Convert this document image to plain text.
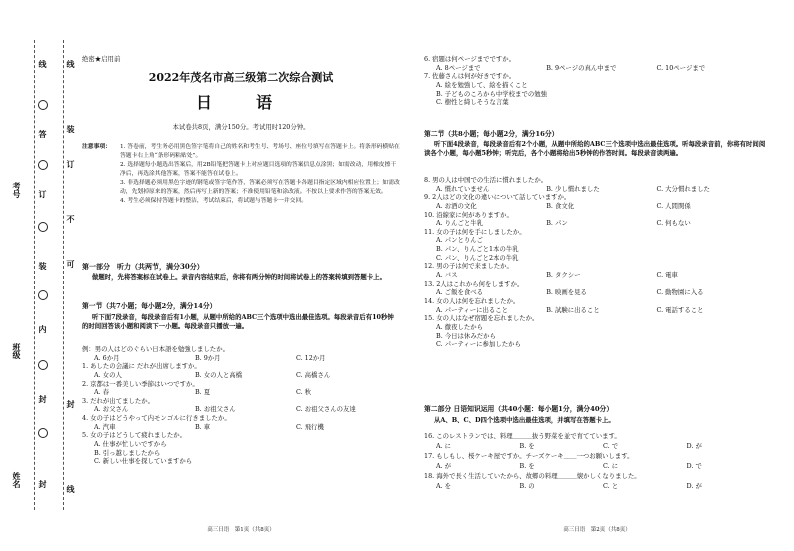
姓名
考号
班级
线
答
订
装
内
封
封
线
装
订
不
可
封
线
绝密★启用前
2022年茂名市高三级第二次综合测试
日　语
本试卷共8页，满分150分。考试用时120分钟。
注意事项：	1. 答卷前，考生务必用黑色签字笔将自己的姓名和考生号、考场号、座位号填写在答题卡上。将条形码横贴在答题卡右上角“条形码粘贴处”。
2. 选择题每小题选出答案后，用2B铅笔把答题卡上对应题目选项的答案信息点涂黑；如需改动，用橡皮擦干净后，再选涂其他答案，答案不能答在试卷上。
3. 非选择题必须用黑色字迹的钢笔或签字笔作答，答案必须写在答题卡各题目指定区域内相应位置上；如需改动，先划掉原来的答案，然后再写上新的答案；不准使用铅笔和涂改液。不按以上要求作答的答案无效。
4. 考生必须保持答题卡的整洁，考试结束后，将试题与答题卡一并交回。
第一部分　听力（共两节，满分30分）
做题时，先将答案标在试卷上。录音内容结束后，你将有两分钟的时间将试卷上的答案转填到答题卡上。
第一节（共7小题；每小题2分，满分14分）
听下面7段录音，每段录音后有1小题，从题中所给的ABC三个选项中选出最佳选项。每段录音后有10秒钟的时间回答该小题和阅读下一小题。每段录音只播放一遍。
例：男の人はどのぐらい日本語を勉強しましたか。
A. 6か月	B. 9か月	C. 12か月
1. あしたの会議に だれが出席しますか。
A. 女の人	B. 女の人と高橋	C. 高橋さん
2. 京都は一番美しい季節はいつですか。
A. 春	B. 夏	C. 秋
3. だれが出てましたか。
A. お父さん	B. お祖父さん	C. お祖父さんの友達
4. 女の子はどうやって内モンゴルに行きましたか。
A. 汽車	B. 車	C. 飛行機
5. 女の子はどうして疲れましたか。
A. 仕事が忙しいですから
B. 引っ越しましたから
C. 新しい仕事を探していますから
高三日语　第1页（共8页）
6. 宿題は何ページまでですか。
A. 8ページまで	B. 9ページの真ん中まで	C. 10ページまで
7. 佐藤さんは何が好きですか。
A. 絵を勉強して、絵を描くこと
B. 子どものころから中学校までの勉強
C. 樹性と綺しそうな言葉
第二节（共8小题；每小题2分，满分16分）
听下面4段录音，每段录音后有2个小题，从题中所给的ABC三个选项中选出最佳选项。听每段录音前，你将有时间阅读各个小题，每小题5秒钟；听完后，各个小题将给出5秒钟的作答时间。每段录音读两遍。
8. 男の人は中国での生活に慣れましたか。
A. 慣れていません	B. 少し慣れました	C. 大分慣れました
9. 2人はどの文化の違いについて話していますか。
A. お酒の文化	B. 食文化	C. 人間関係
10. 沿線家に何がありますか。
A. りんごと牛乳	B. パン	C. 何もない
11. 女の子は何を手にしましたか。
A. パンとりんご
B. パン、りんごと1本の牛乳
C. パン、りんごと2本の牛乳
12. 男の子は何で来ましたか。
A. バス	B. タクシー	C. 電車
13. 2人はこれから何をしますか。
A. ご飯を食べる	B. 映画を見る	C. 動物園に入る
14. 女の人は何を忘れましたか。
A. パーティーに出ること	B. 試験に出ること	C. 電話すること
15. 女の人はなぜ宿題を忘れましたか。
A. 徹夜したから
B. 今日は休みだから
C. パーティーに参加したから
第二部分 日语知识运用（共40小题：每小题1分，满分40分）
从A、B、C、D四个选项中选出最佳选项，并填写在答题卡上。
16. このレストランでは、料理＿＿＿抜う野菜を並で育てています。
A. に	B. を	C. で	D. が
17. もしもし、桜ケーキ屋ですか。チーズケーキ＿＿一つお願いします。
A. が	B. を	C. に	D. で
18. 海外で長く生活していたから、故郷の料理＿＿＿懐かしくなりました。
A. を	B. の	C. と	D. が
高三日语　第2页（共8页）
